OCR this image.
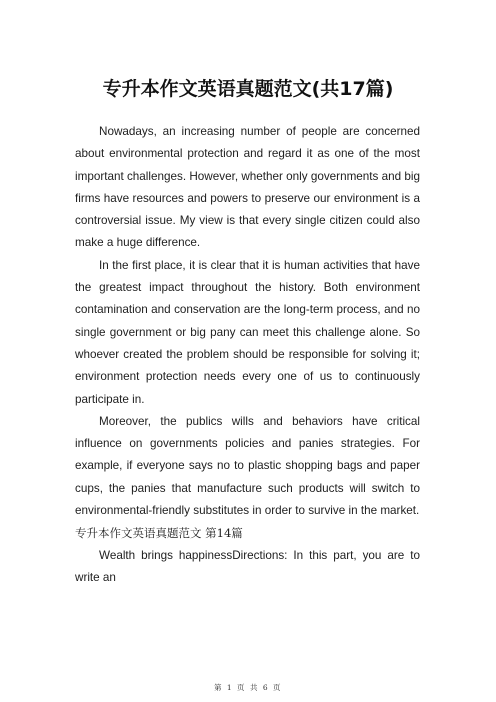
专升本作文英语真题范文(共17篇)

Nowadays, an increasing number of people are concerned about environmental protection and regard it as one of the most important challenges. However, whether only governments and big firms have resources and powers to preserve our environment is a controversial issue. My view is that every single citizen could also make a huge difference.

In the first place, it is clear that it is human activities that have the greatest impact throughout the history. Both environment contamination and conservation are the long-term process, and no single government or big pany can meet this challenge alone. So whoever created the problem should be responsible for solving it; environment protection needs every one of us to continuously participate in.

Moreover, the publics wills and behaviors have critical influence on governments policies and panies strategies. For example, if everyone says no to plastic shopping bags and paper cups, the panies that manufacture such products will switch to environmental-friendly substitutes in order to survive in the market.

专升本作文英语真题范文 第14篇

Wealth brings happinessDirections: In this part, you are to write an

第 1 页 共 6 页
